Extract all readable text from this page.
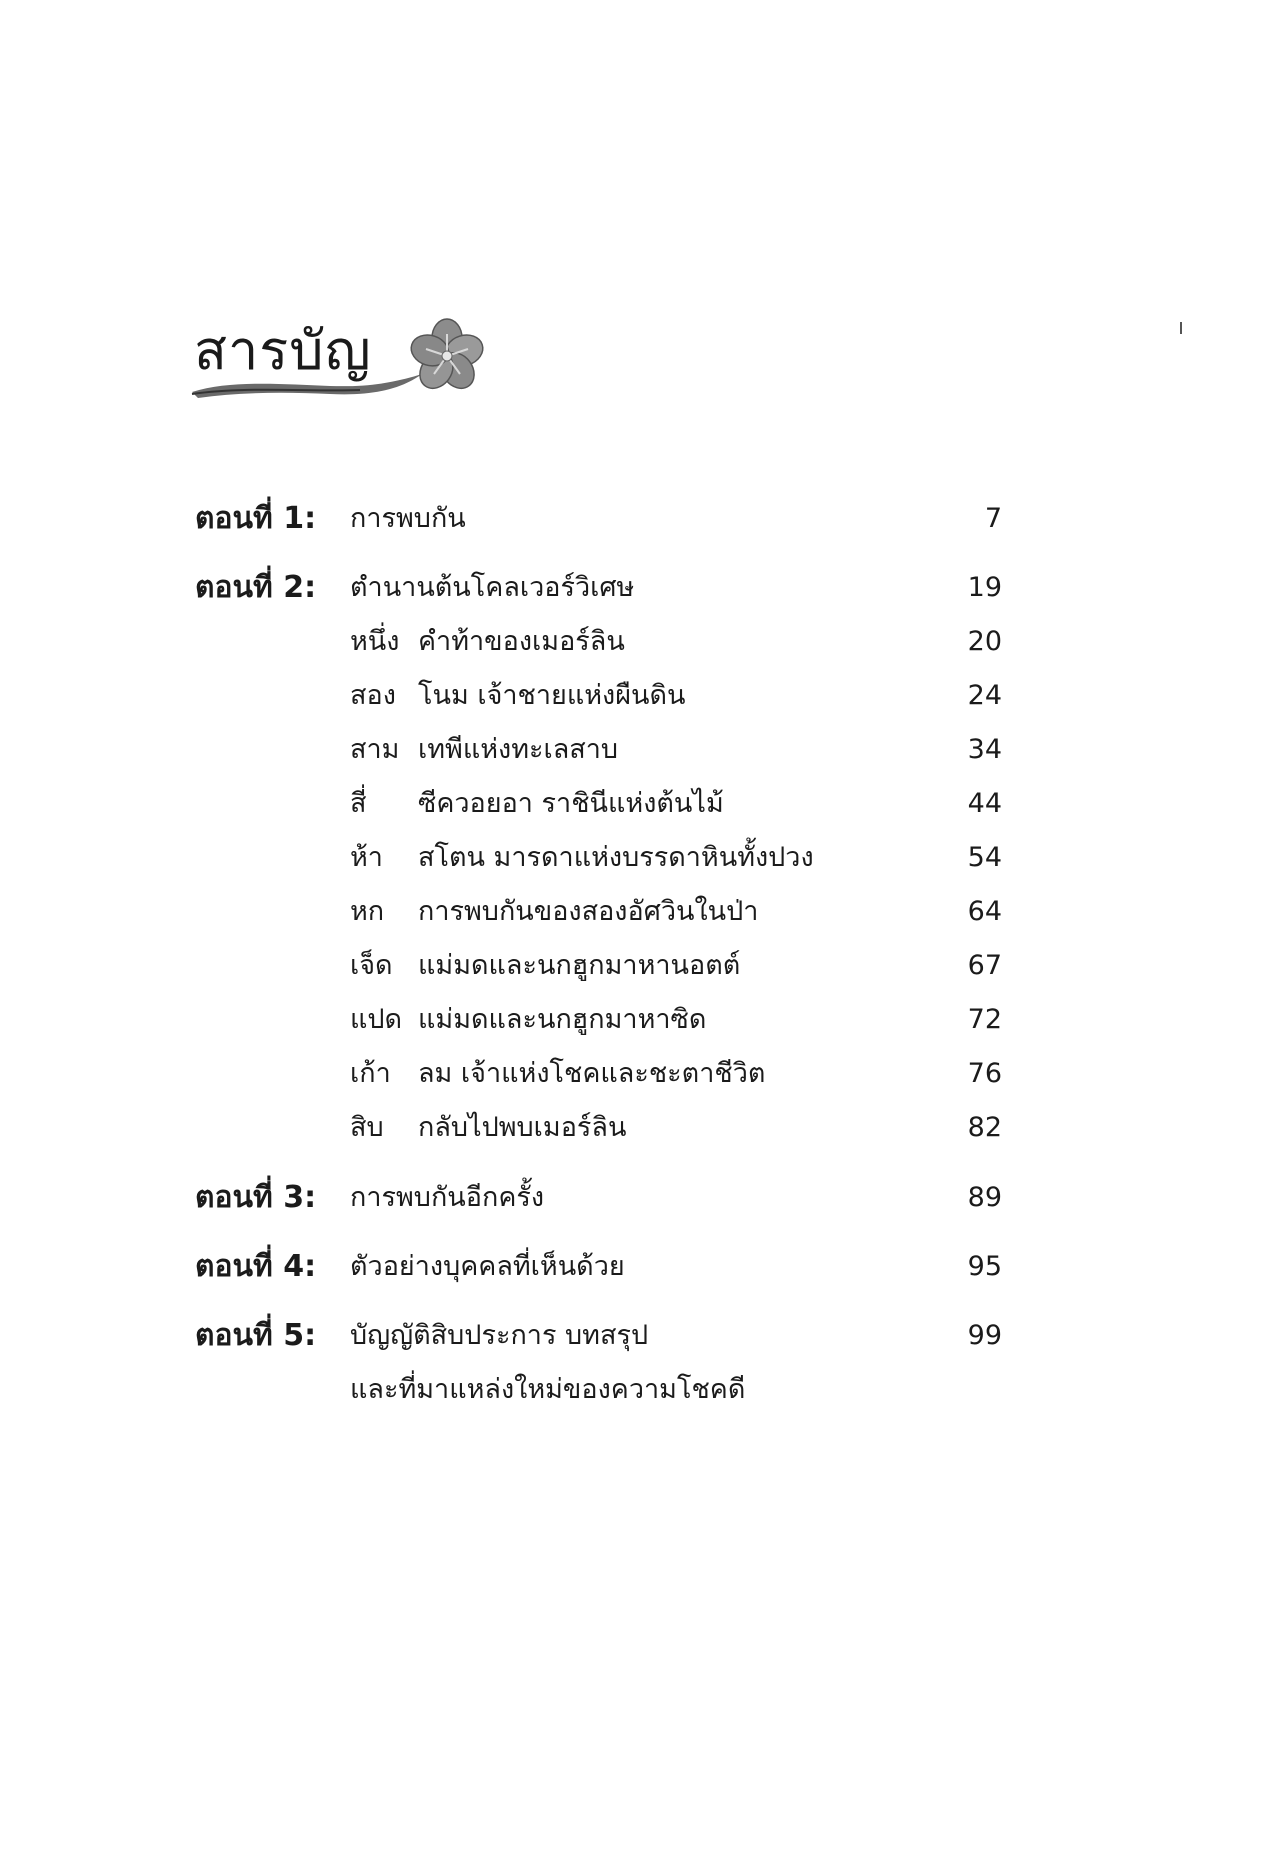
สารบัญ
ตอนที่ 1: การพบกัน	7
ตอนที่ 2: ตำนานต้นโคลเวอร์วิเศษ	19
หนึ่ง คำท้าของเมอร์ลิน	20
สอง โนม เจ้าชายแห่งผืนดิน	24
สาม เทพีแห่งทะเลสาบ	34
สี่ ซีควอยอา ราชินีแห่งต้นไม้	44
ห้า สโตน มารดาแห่งบรรดาหินทั้งปวง	54
หก การพบกันของสองอัศวินในป่า	64
เจ็ด แม่มดและนกฮูกมาหานอตต์	67
แปด แม่มดและนกฮูกมาหาซิด	72
เก้า ลม เจ้าแห่งโชคและชะตาชีวิต	76
สิบ กลับไปพบเมอร์ลิน	82
ตอนที่ 3: การพบกันอีกครั้ง	89
ตอนที่ 4: ตัวอย่างบุคคลที่เห็นด้วย	95
ตอนที่ 5: บัญญัติสิบประการ บทสรุป	99
และที่มาแหล่งใหม่ของความโชคดี
